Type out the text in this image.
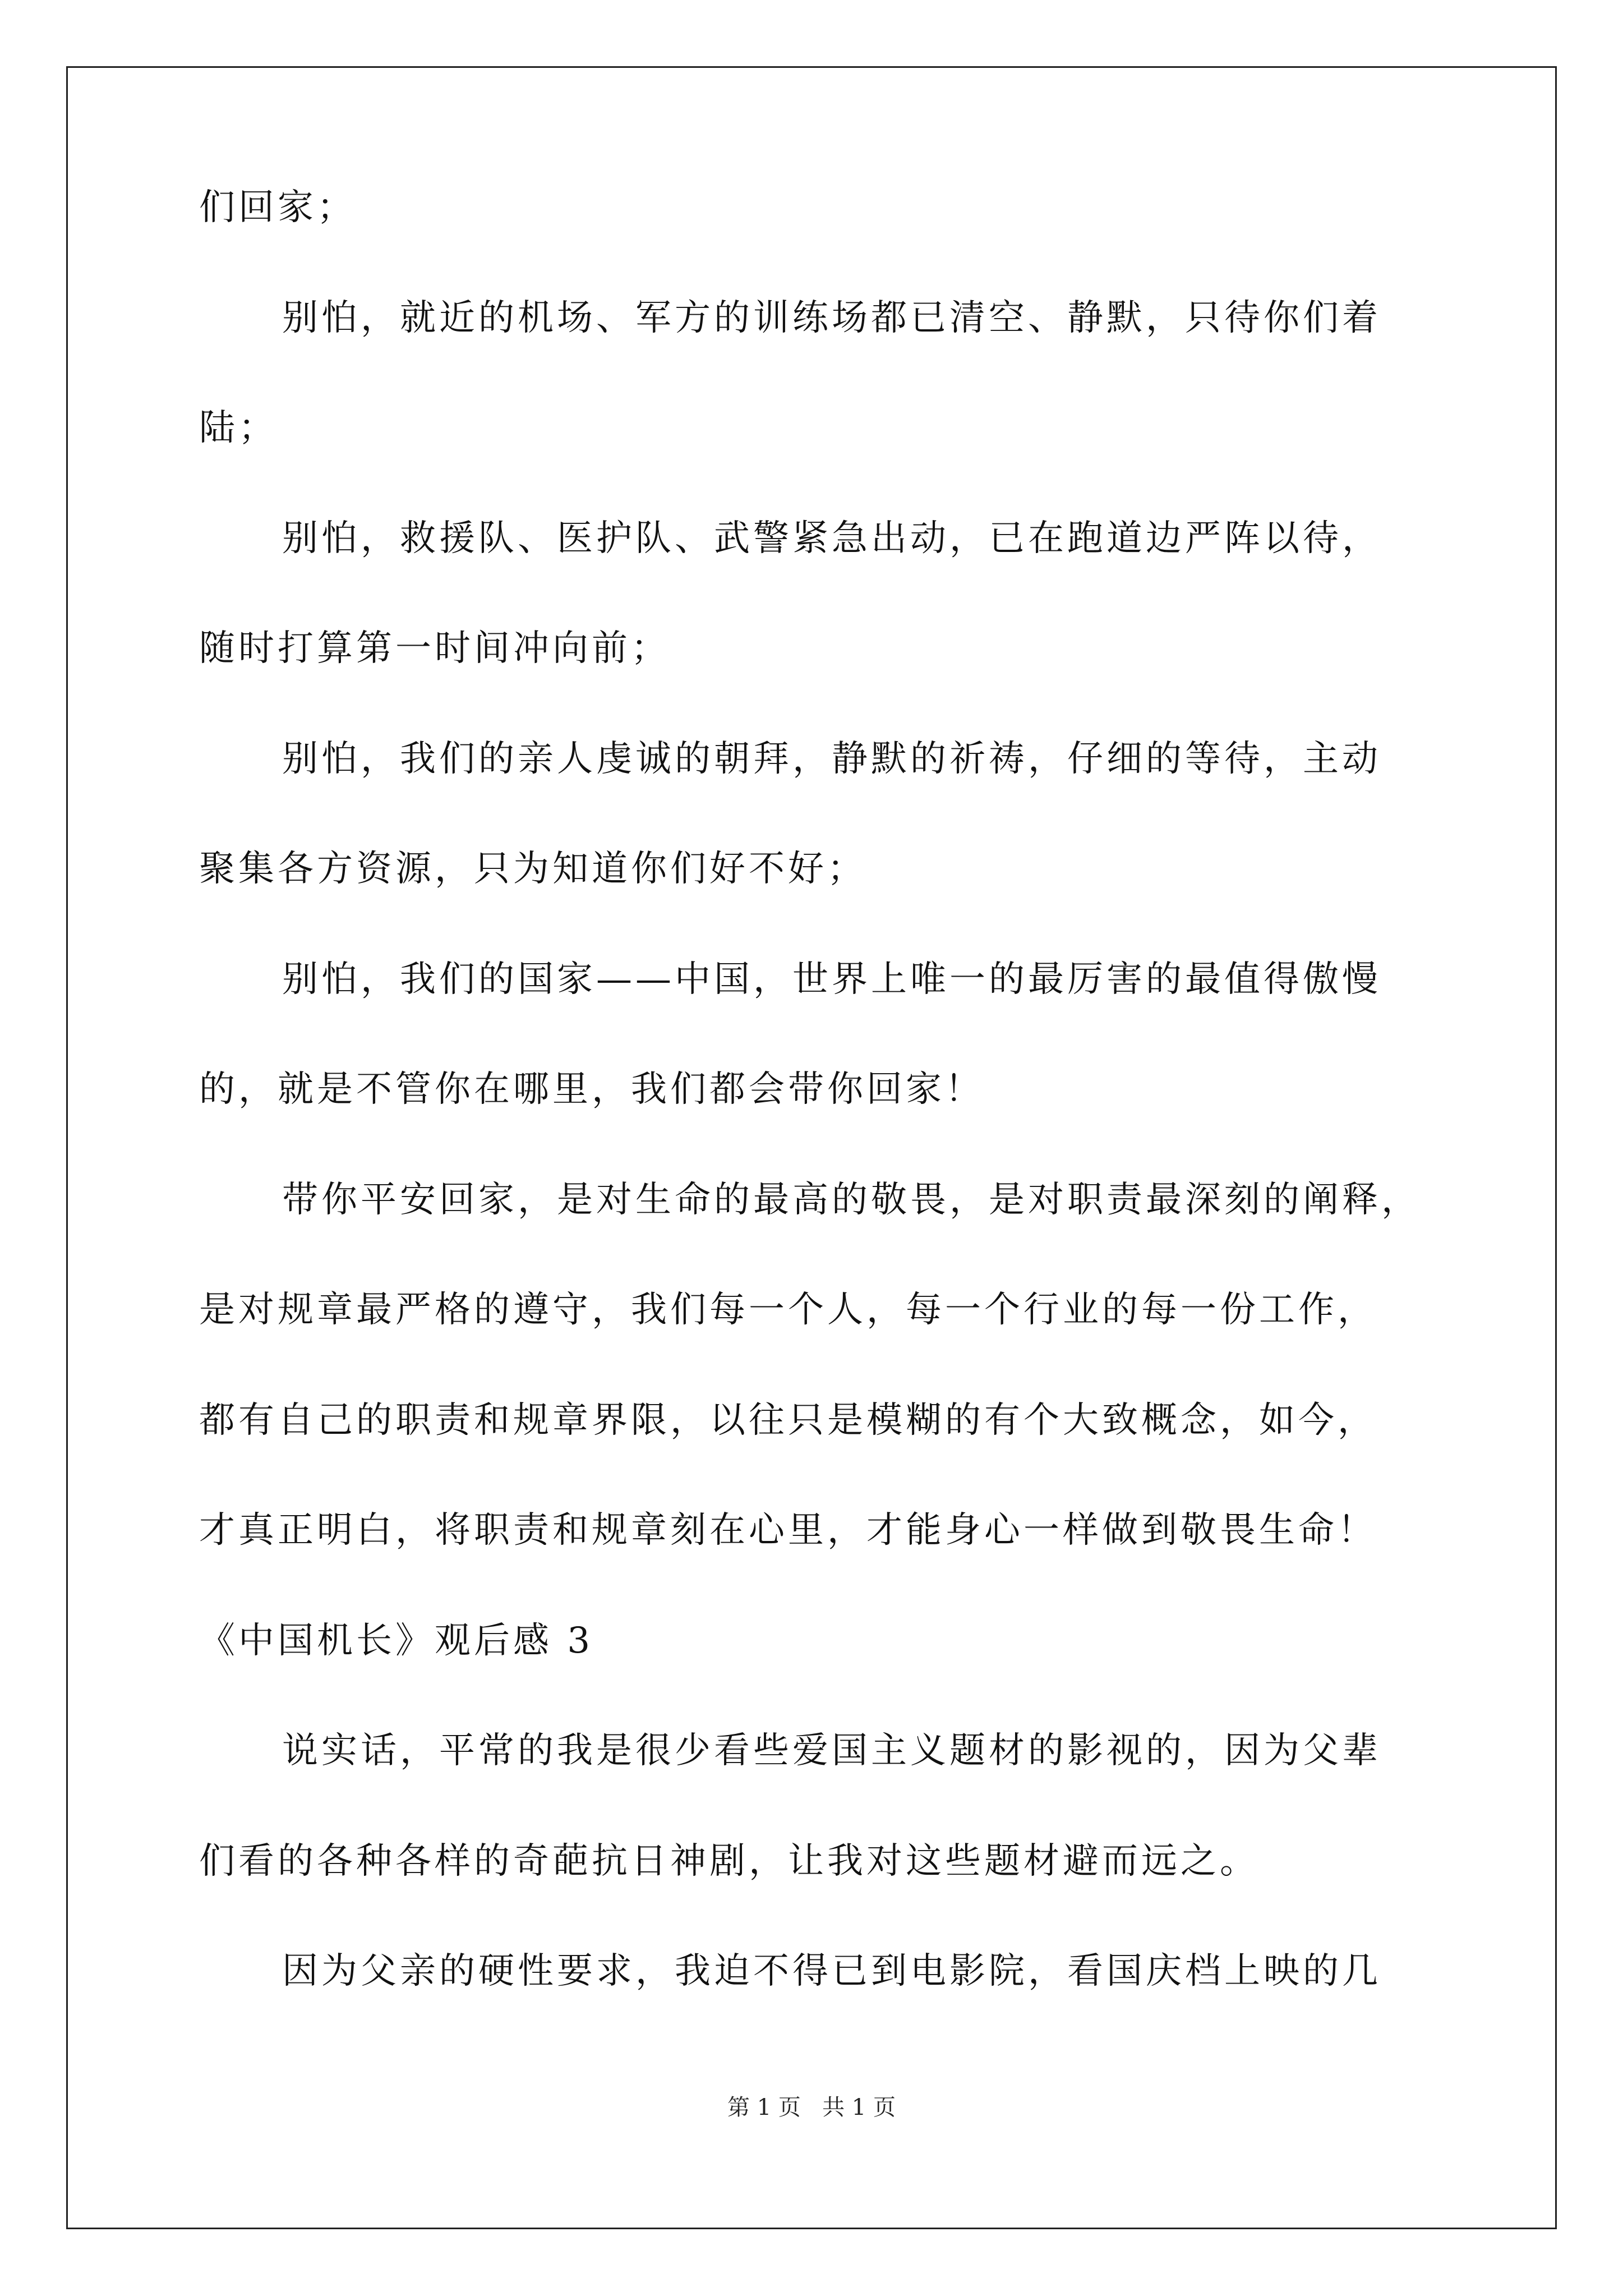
们回家；
别怕，就近的机场、军方的训练场都已清空、静默，只待你们着
陆；
别怕，救援队、医护队、武警紧急出动，已在跑道边严阵以待，
随时打算第一时间冲向前；
别怕，我们的亲人虔诚的朝拜，静默的祈祷，仔细的等待，主动
聚集各方资源，只为知道你们好不好；
别怕，我们的国家——中国，世界上唯一的最厉害的最值得傲慢
的，就是不管你在哪里，我们都会带你回家！
带你平安回家，是对生命的最高的敬畏，是对职责最深刻的阐释，
是对规章最严格的遵守，我们每一个人，每一个行业的每一份工作，
都有自己的职责和规章界限，以往只是模糊的有个大致概念，如今，
才真正明白，将职责和规章刻在心里，才能身心一样做到敬畏生命！
《中国机长》观后感 3
说实话，平常的我是很少看些爱国主义题材的影视的，因为父辈
们看的各种各样的奇葩抗日神剧，让我对这些题材避而远之。
因为父亲的硬性要求，我迫不得已到电影院，看国庆档上映的几
第 1 页   共 1 页
